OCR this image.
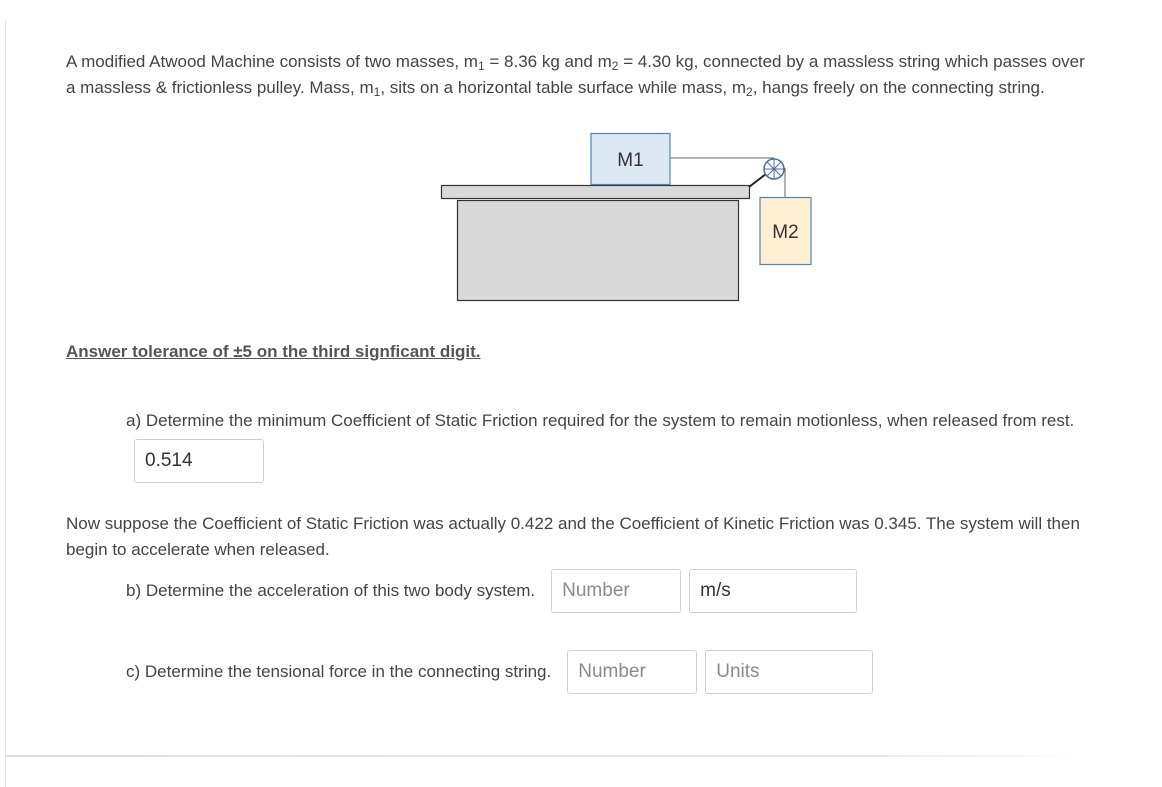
A modified Atwood Machine consists of two masses, $m_1 = 8.36$ kg and $m_2 = 4.30$ kg, connected by a massless string which passes over a massless & frictionless pulley. Mass, $m_1$, sits on a horizontal table surface while mass, $m_2$, hangs freely on the connecting string.

M1
M2

Answer tolerance of ±5 on the third signficant digit.

a) Determine the minimum Coefficient of Static Friction required for the system to remain motionless, when released from rest.0.514

Now suppose the Coefficient of Static Friction was actually 0.422 and the Coefficient of Kinetic Friction was 0.345. The system will then begin to accelerate when released.

b) Determine the acceleration of this two body system.
Number	m/s
c) Determine the tensional force in the connecting string.
Number	Units
